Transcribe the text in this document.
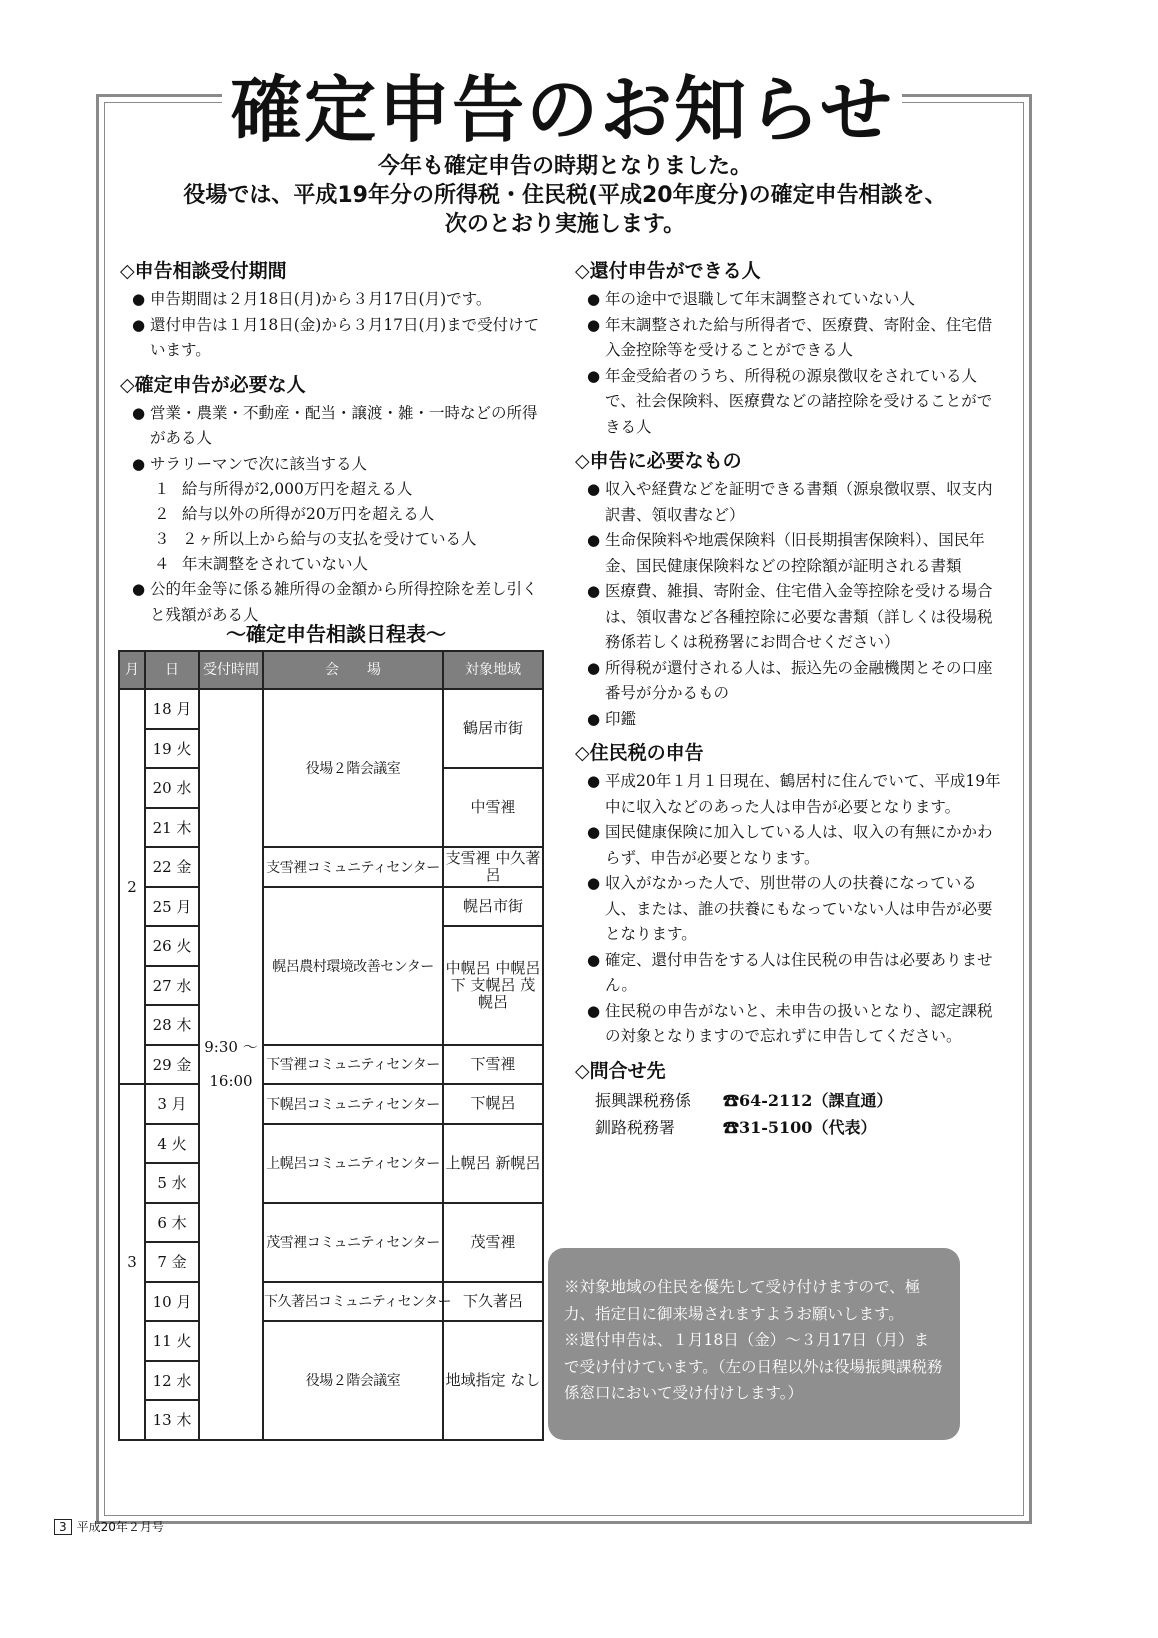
確定申告のお知らせ
今年も確定申告の時期となりました。
役場では、平成19年分の所得税・住民税(平成20年度分)の確定申告相談を、
次のとおり実施します。
◇申告相談受付期間
● 申告期間は２月18日(月)から３月17日(月)です。
● 還付申告は１月18日(金)から３月17日(月)まで受付けています。
◇確定申告が必要な人
● 営業・農業・不動産・配当・譲渡・雑・一時などの所得がある人
● サラリーマンで次に該当する人
１ 給与所得が2,000万円を超える人
２ 給与以外の所得が20万円を超える人
３ ２ヶ所以上から給与の支払を受けている人
４ 年末調整をされていない人
● 公的年金等に係る雑所得の金額から所得控除を差し引くと残額がある人
～確定申告相談日程表～
月	日	受付時間	会　　場	対象地域
2	18 月	9:30 ～ 16:00	役場２階会議室	鶴居市街
	19 火			
	20 水			中雪裡
	21 木			
	22 金		支雪裡コミュニティセンター	支雪裡 中久著呂
	25 月		幌呂農村環境改善センター	幌呂市街
	26 火			中幌呂 中幌呂下 支幌呂 茂幌呂
	27 水			
	28 木			
	29 金		下雪裡コミュニティセンター	下雪裡
3	3 月		下幌呂コミュニティセンター	下幌呂
	4 火		上幌呂コミュニティセンター	上幌呂 新幌呂
	5 水			
	6 木		茂雪裡コミュニティセンター	茂雪裡
	7 金			
	10 月		下久著呂コミュニティセンター	下久著呂
	11 火		役場２階会議室	地域指定 なし
	12 水			
	13 木			
◇還付申告ができる人
● 年の途中で退職して年末調整されていない人
● 年末調整された給与所得者で、医療費、寄附金、住宅借入金控除等を受けることができる人
● 年金受給者のうち、所得税の源泉徴収をされている人で、社会保険料、医療費などの諸控除を受けることができる人
◇申告に必要なもの
● 収入や経費などを証明できる書類（源泉徴収票、収支内訳書、領収書など）
● 生命保険料や地震保険料（旧長期損害保険料）、国民年金、国民健康保険料などの控除額が証明される書類
● 医療費、雑損、寄附金、住宅借入金等控除を受ける場合は、領収書など各種控除に必要な書類（詳しくは役場税務係若しくは税務署にお問合せください）
● 所得税が還付される人は、振込先の金融機関とその口座番号が分かるもの
● 印鑑
◇住民税の申告
● 平成20年１月１日現在、鶴居村に住んでいて、平成19年中に収入などのあった人は申告が必要となります。
● 国民健康保険に加入している人は、収入の有無にかかわらず、申告が必要となります。
● 収入がなかった人で、別世帯の人の扶養になっている人、または、誰の扶養にもなっていない人は申告が必要となります。
● 確定、還付申告をする人は住民税の申告は必要ありません。
● 住民税の申告がないと、未申告の扱いとなり、認定課税の対象となりますので忘れずに申告してください。
◇問合せ先
振興課税務係 ☎64-2112（課直通）
釧路税務署	☎31-5100（代表）

※対象地域の住民を優先して受け付けますので、極力、指定日に御来場されますようお願いします。

※還付申告は、１月18日（金）～３月17日（月）まで受け付けています。（左の日程以外は役場振興課税務係窓口において受け付けします。）

3 平成20年２月号
